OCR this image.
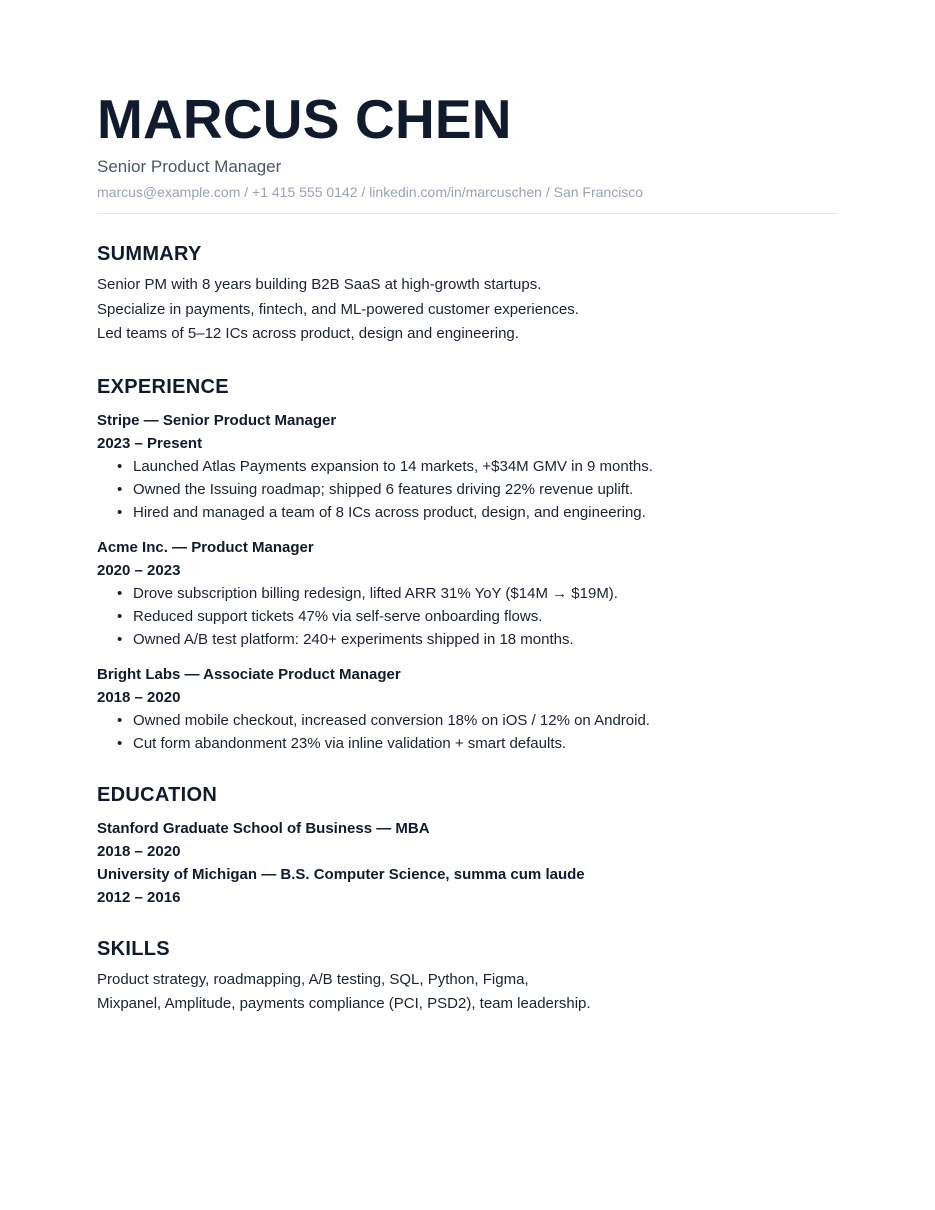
MARCUS CHEN
Senior Product Manager
marcus@example.com / +1 415 555 0142 / linkedin.com/in/marcuschen / San Francisco
SUMMARY
Senior PM with 8 years building B2B SaaS at high-growth startups.
Specialize in payments, fintech, and ML-powered customer experiences.
Led teams of 5–12 ICs across product, design and engineering.
EXPERIENCE
Stripe — Senior Product Manager
2023 – Present
• Launched Atlas Payments expansion to 14 markets, +$34M GMV in 9 months.
• Owned the Issuing roadmap; shipped 6 features driving 22% revenue uplift.
• Hired and managed a team of 8 ICs across product, design, and engineering.
Acme Inc. — Product Manager
2020 – 2023
• Drove subscription billing redesign, lifted ARR 31% YoY ($14M → $19M).
• Reduced support tickets 47% via self-serve onboarding flows.
• Owned A/B test platform: 240+ experiments shipped in 18 months.
Bright Labs — Associate Product Manager
2018 – 2020
• Owned mobile checkout, increased conversion 18% on iOS / 12% on Android.
• Cut form abandonment 23% via inline validation + smart defaults.
EDUCATION
Stanford Graduate School of Business — MBA
2018 – 2020
University of Michigan — B.S. Computer Science, summa cum laude
2012 – 2016
SKILLS
Product strategy, roadmapping, A/B testing, SQL, Python, Figma,
Mixpanel, Amplitude, payments compliance (PCI, PSD2), team leadership.
